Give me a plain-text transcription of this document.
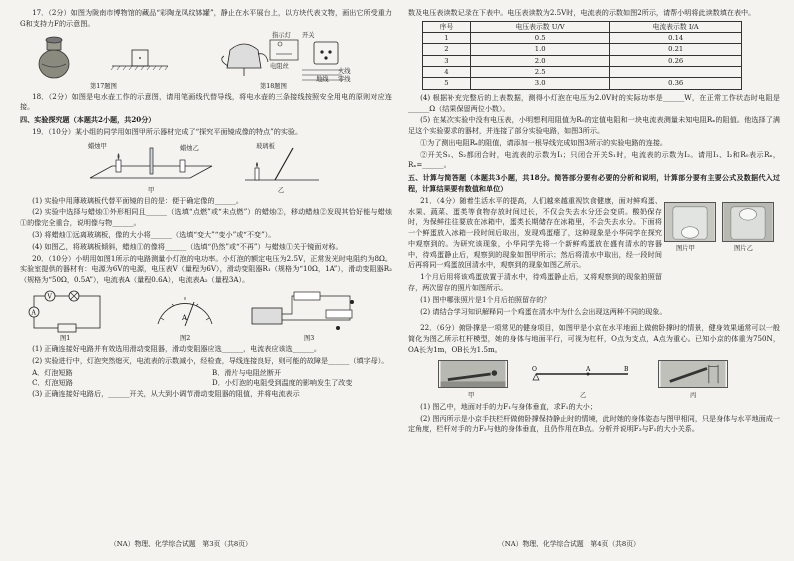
17．（2分）如图为陇南市博物馆的藏品“彩陶龙凤纹钵罐”，静止在水平展台上，以方块代表文物，画出它所受重力G和支持力F的示意图。

第17题图	第18题图
指示灯 开关
电阻丝
火线
零线
地线

18．（2分）如图是电水壶工作的示意图，请用笔画线代替导线，将电水壶的三条接线按照安全用电的原则对应连接。

四、实验探究题（本题共2小题，共20分）

19．（10分）某小组的同学用如图甲所示器材完成了“探究平面镜成像的特点”的实验。

蜡烛甲	蜡烛乙	玻璃板
甲	乙

(1) 实验中用薄玻璃板代替平面镜的目的是：便于确定像的______。

(2) 实验中选择与蜡烛①外形相同且______（选填“点燃”或“未点燃”）的蜡烛②，移动蜡烛②发现其恰好能与蜡烛①的像完全重合，说明像与物______。

(3) 将蜡烛①远离玻璃板，像的大小将______（选填“变大”“变小”或“不变”）。

(4) 如图乙，将玻璃板倾斜，蜡烛①的像将______（选填“仍然”或“不再”）与蜡烛①关于镜面对称。

20．（10分）小明用如图1所示的电路测量小灯泡的电功率。小灯泡的额定电压为2.5V，正常发光时电阻约为8Ω。实验室提供的器材有：电源为6V的电源，电压表V（量程为6V），滑动变阻器R₁（规格为“10Ω，1A”），滑动变阻器R₂（规格为“50Ω，0.5A”），电流表A（量程0.6A），电流表A₂（量程3A）。

V
A
A
图1	图2	图3

(1) 正确连接好电路并有效选用滑动变阻器，滑动变阻器应选______，电流表应该选______。

(2) 实验进行中，灯泡突然熄灭，电流表的示数减小，经检查，导线连接良好，则可能的故障是______（填字母）。

A．灯泡短路	B．滑片与电阻丝断开
C．灯泡短路	D．小灯泡的电阻受到温度的影响发生了改变

(3) 正确连接好电路后，______开关，从大到小调节滑动变阻器的阻值，并将电流表示

数及电压表读数记录在下表中。电压表读数为2.5V时，电流表的示数如图2所示，请帮小明将此读数填在表中。

序号	电压表示数 U/V	电流表示数 I/A
1	0.5	0.14
2	1.0	0.21
3	2.0	0.26
4	2.5	
5	3.0	0.36

(4) 根据补充完整后的上表数据，测得小灯泡在电压为2.0V时的实际功率是______W，在正常工作状态时电阻是______Ω（结果保留两位小数）。

(5) 在某次实验中没有电压表，小明想利用阻值为R₀的定值电阻和一块电流表测量未知电阻Rₓ的阻值。他选择了满足这个实验要求的器材，并连接了部分实验电路，如图3所示。

①为了测出电阻Rₓ的阻值，请添加一根导线完成如图3所示的实验电路的连接。

②开关S₁、S₂都闭合时，电流表的示数为I₁；只闭合开关S₁时，电流表的示数为I₂。请用I₁、I₂和R₀表示Rₓ，Rₓ=______。

五、计算与简答题（本题共3小题，共18分。简答部分要有必要的分析和说明，计算部分要有主要公式及数据代入过程，计算结果要有数值和单位）

21．（4分）随着生活水平的提高，人们越来越重视饮食健康，面对鲜鸡蛋、水果、蔬菜、蛋类等食物存放时间过长，不仅会失去水分还会变质。酸奶保存时，为保鲜往往要放在冰箱中，蛋类长期储存在冰箱里，不会失去水分。下面将一个鲜蛋放入冰箱一段时间后取出，发现鸡蛋瘪了，这种现象是小华同学在探究中观察到的。为研究该现象，小华同学先将一个新鲜鸡蛋放在盛有清水的容器中，待鸡蛋静止后，观察到的现象如图甲所示；然后将清水中取出，经一段时间后再将同一鸡蛋放回清水中，观察到的现象如图乙所示。

1个月后用将该鸡蛋放置于清水中，待鸡蛋静止后，又将观察到的现象拍照留存，两次留存的照片如图所示。

图片甲	图片乙

(1) 图中哪张照片是1个月后拍照留存的？

(2) 请结合学习知识解释同一个鸡蛋在清水中为什么会出现这两种不同的现象。

22．（6分）俯卧撑是一项常见的健身项目，如图甲是小京在水平地面上做俯卧撑时的情景，健身效果通常可以一般简化为图乙所示杠杆模型，她的身体与地面平行，可视为杠杆，O点为支点，A点为重心。已知小京的体重为750N，OA长为1m，OB长为1.5m。

O	A	B
甲	乙	丙

(1) 图乙中，地面对手的力F₁与身体垂直，求F₁的大小；

(2) 图丙所示是小京手扶栏杆做俯卧撑保持静止时的情境，此时她的身体姿态与图甲相同，只是身体与水平地面成一定角度，栏杆对手的力F₂与他的身体垂直，且仍作用在B点。分析并说明F₂与F₁的大小关系。

（NA）物理、化学综合试题　第3页（共8页）	（NA）物理、化学综合试题　第4页（共8页）
